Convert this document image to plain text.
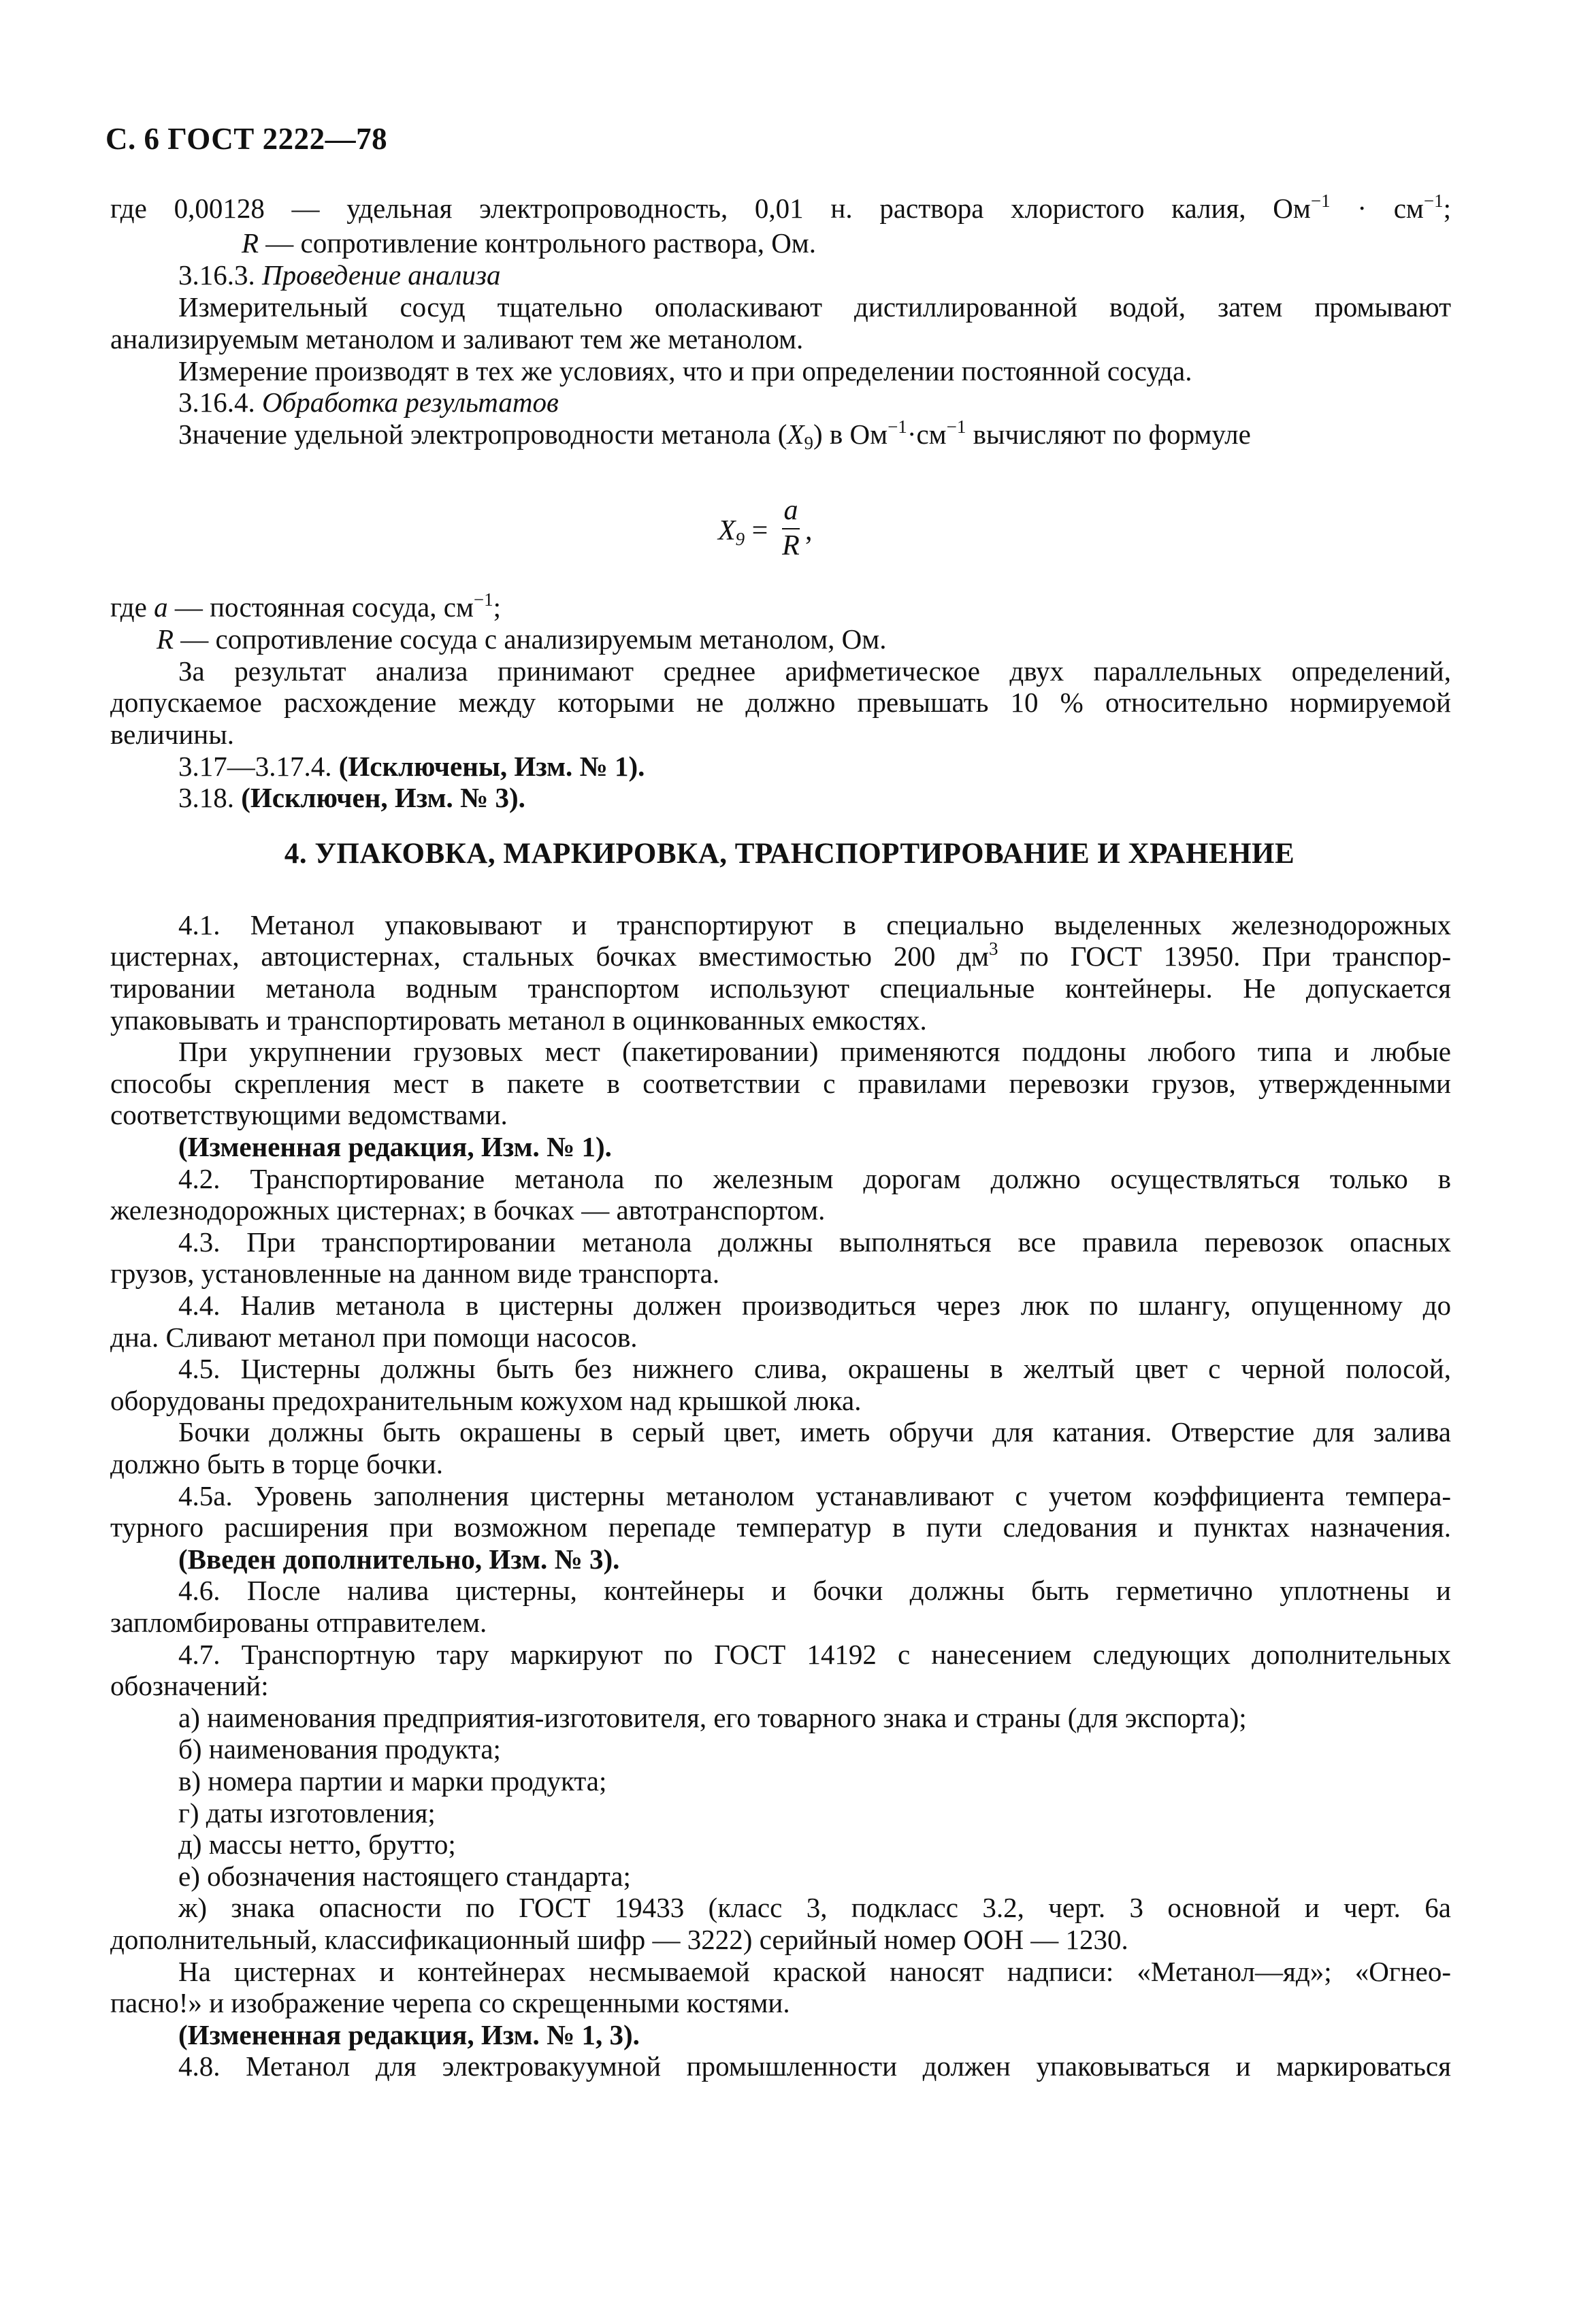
С. 6 ГОСТ 2222—78
где 0,00128 — удельная электропроводность, 0,01 н. раствора хлористого калия, $Ом^{-1} \cdot см^{-1}$;
R — сопротивление контрольного раствора, Ом.
3.16.3. Проведение анализа
Измерительный сосуд тщательно ополаскивают дистиллированной водой, затем промывают
анализируемым метанолом и заливают тем же метанолом.
Измерение производят в тех же условиях, что и при определении постоянной сосуда.
3.16.4. Обработка результатов
Значение удельной электропроводности метанола $(X_9)$ в $Ом^{-1}\cdot см^{-1}$ вычисляют по формуле
$X_9$ =
a
R ,
где a — постоянная сосуда, $см^{-1}$;
R — сопротивление сосуда с анализируемым метанолом, Ом.
За результат анализа принимают среднее арифметическое двух параллельных определений,
допускаемое расхождение между которыми не должно превышать 10 % относительно нормируемой
величины.
3.17—3.17.4. (Исключены, Изм. № 1).
3.18. (Исключен, Изм. № 3).
4. УПАКОВКА, МАРКИРОВКА, ТРАНСПОРТИРОВАНИЕ И ХРАНЕНИЕ
4.1. Метанол упаковывают и транспортируют в специально выделенных железнодорожных
цистернах, автоцистернах, стальных бочках вместимостью 200 $дм^3$ по ГОСТ 13950. При транспор-
тировании метанола водным транспортом используют специальные контейнеры. Не допускается
упаковывать и транспортировать метанол в оцинкованных емкостях.
При укрупнении грузовых мест (пакетировании) применяются поддоны любого типа и любые
способы скрепления мест в пакете в соответствии с правилами перевозки грузов, утвержденными
соответствующими ведомствами.
(Измененная редакция, Изм. № 1).
4.2. Транспортирование метанола по железным дорогам должно осуществляться только в
железнодорожных цистернах; в бочках — автотранспортом.
4.3. При транспортировании метанола должны выполняться все правила перевозок опасных
грузов, установленные на данном виде транспорта.
4.4. Налив метанола в цистерны должен производиться через люк по шлангу, опущенному до
дна. Сливают метанол при помощи насосов.
4.5. Цистерны должны быть без нижнего слива, окрашены в желтый цвет с черной полосой,
оборудованы предохранительным кожухом над крышкой люка.
Бочки должны быть окрашены в серый цвет, иметь обручи для катания. Отверстие для залива
должно быть в торце бочки.
4.5а. Уровень заполнения цистерны метанолом устанавливают с учетом коэффициента темпера-
турного расширения при возможном перепаде температур в пути следования и пунктах назначения.
(Введен дополнительно, Изм. № 3).
4.6. После налива цистерны, контейнеры и бочки должны быть герметично уплотнены и
запломбированы отправителем.
4.7. Транспортную тару маркируют по ГОСТ 14192 с нанесением следующих дополнительных
обозначений:
а) наименования предприятия-изготовителя, его товарного знака и страны (для экспорта);
б) наименования продукта;
в) номера партии и марки продукта;
г) даты изготовления;
д) массы нетто, брутто;
е) обозначения настоящего стандарта;
ж) знака опасности по ГОСТ 19433 (класс 3, подкласс 3.2, черт. 3 основной и черт. 6а
дополнительный, классификационный шифр — 3222) серийный номер ООН — 1230.
На цистернах и контейнерах несмываемой краской наносят надписи: «Метанол—яд»; «Огнео-
пасно!» и изображение черепа со скрещенными костями.
(Измененная редакция, Изм. № 1, 3).
4.8. Метанол для электровакуумной промышленности должен упаковываться и маркироваться
